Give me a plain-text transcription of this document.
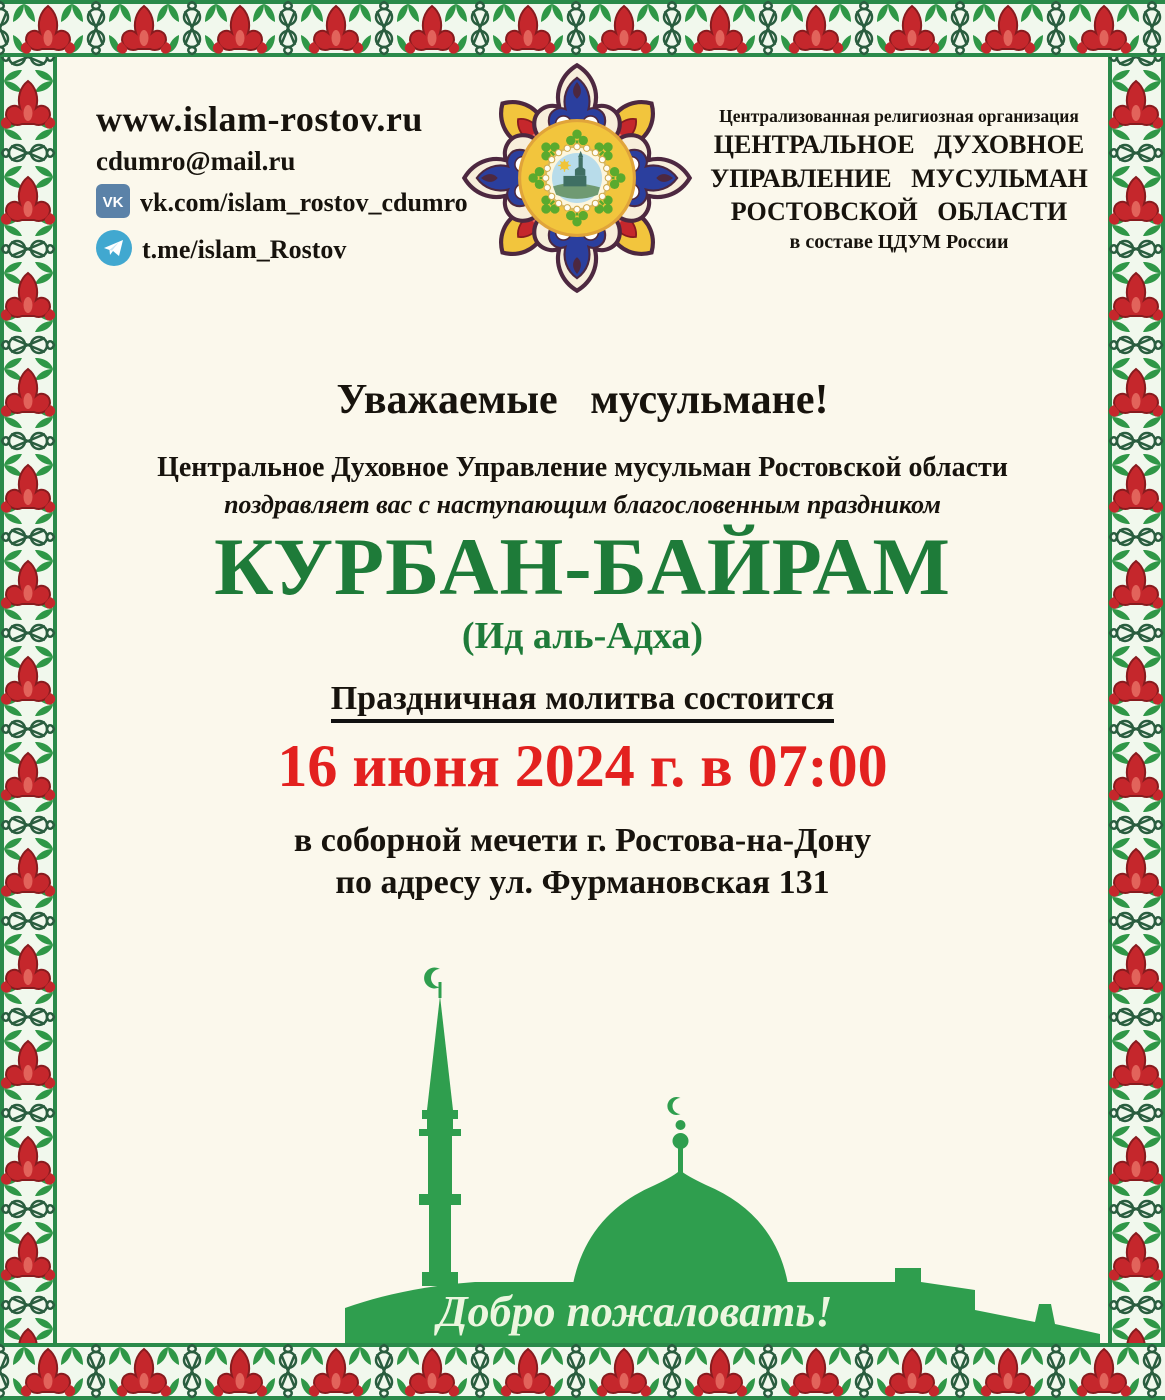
www.islam-rostov.ru
cdumro@mail.ru
VK vk.com/islam_rostov_cdumro
t.me/islam_Rostov
Централизованная религиозная организация
ЦЕНТРАЛЬНОЕ ДУХОВНОЕ
УПРАВЛЕНИЕ МУСУЛЬМАН
РОСТОВСКОЙ ОБЛАСТИ
в составе ЦДУМ России
Уважаемые мусульмане!
Центральное Духовное Управление мусульман Ростовской области
поздравляет вас с наступающим благословенным праздником
КУРБАН-БАЙРАМ
(Ид аль-Адха)
Праздничная молитва состоится
16 июня 2024 г. в 07:00
в соборной мечети г. Ростова-на-Дону
по адресу ул. Фурмановская 131
Добро пожаловать!
